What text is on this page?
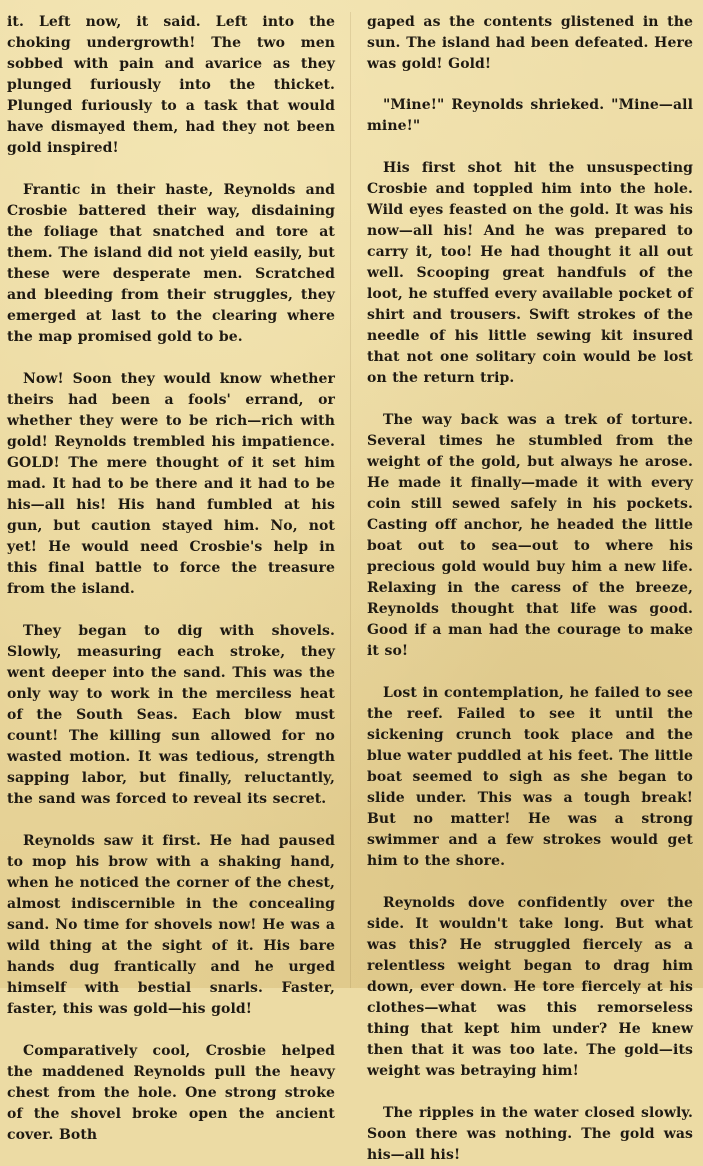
it. Left now, it said. Left into the choking undergrowth! The two men sobbed with pain and avarice as they plunged furiously into the thicket. Plunged furiously to a task that would have dismayed them, had they not been gold inspired!

Frantic in their haste, Reynolds and Crosbie battered their way, disdaining the foliage that snatched and tore at them. The island did not yield easily, but these were desperate men. Scratched and bleeding from their struggles, they emerged at last to the clearing where the map promised gold to be.

Now! Soon they would know whether theirs had been a fools' errand, or whether they were to be rich—rich with gold! Reynolds trembled his impatience. GOLD! The mere thought of it set him mad. It had to be there and it had to be his—all his! His hand fumbled at his gun, but caution stayed him. No, not yet! He would need Crosbie's help in this final battle to force the treasure from the island.

They began to dig with shovels. Slowly, measuring each stroke, they went deeper into the sand. This was the only way to work in the merciless heat of the South Seas. Each blow must count! The killing sun allowed for no wasted motion. It was tedious, strength sapping labor, but finally, reluctantly, the sand was forced to reveal its secret.

Reynolds saw it first. He had paused to mop his brow with a shaking hand, when he noticed the corner of the chest, almost indiscernible in the concealing sand. No time for shovels now! He was a wild thing at the sight of it. His bare hands dug frantically and he urged himself with bestial snarls. Faster, faster, this was gold—his gold!

Comparatively cool, Crosbie helped the maddened Reynolds pull the heavy chest from the hole. One strong stroke of the shovel broke open the ancient cover. Both

gaped as the contents glistened in the sun. The island had been defeated. Here was gold! Gold!

"Mine!" Reynolds shrieked. "Mine—all mine!"

His first shot hit the unsuspecting Crosbie and toppled him into the hole. Wild eyes feasted on the gold. It was his now—all his! And he was prepared to carry it, too! He had thought it all out well. Scooping great handfuls of the loot, he stuffed every available pocket of shirt and trousers. Swift strokes of the needle of his little sewing kit insured that not one solitary coin would be lost on the return trip.

The way back was a trek of torture. Several times he stumbled from the weight of the gold, but always he arose. He made it finally—made it with every coin still sewed safely in his pockets. Casting off anchor, he headed the little boat out to sea—out to where his precious gold would buy him a new life. Relaxing in the caress of the breeze, Reynolds thought that life was good. Good if a man had the courage to make it so!

Lost in contemplation, he failed to see the reef. Failed to see it until the sickening crunch took place and the blue water puddled at his feet. The little boat seemed to sigh as she began to slide under. This was a tough break! But no matter! He was a strong swimmer and a few strokes would get him to the shore.

Reynolds dove confidently over the side. It wouldn't take long. But what was this? He struggled fiercely as a relentless weight began to drag him down, ever down. He tore fiercely at his clothes—what was this remorseless thing that kept him under? He knew then that it was too late. The gold—its weight was betraying him!

The ripples in the water closed slowly. Soon there was nothing. The gold was his—all his!
